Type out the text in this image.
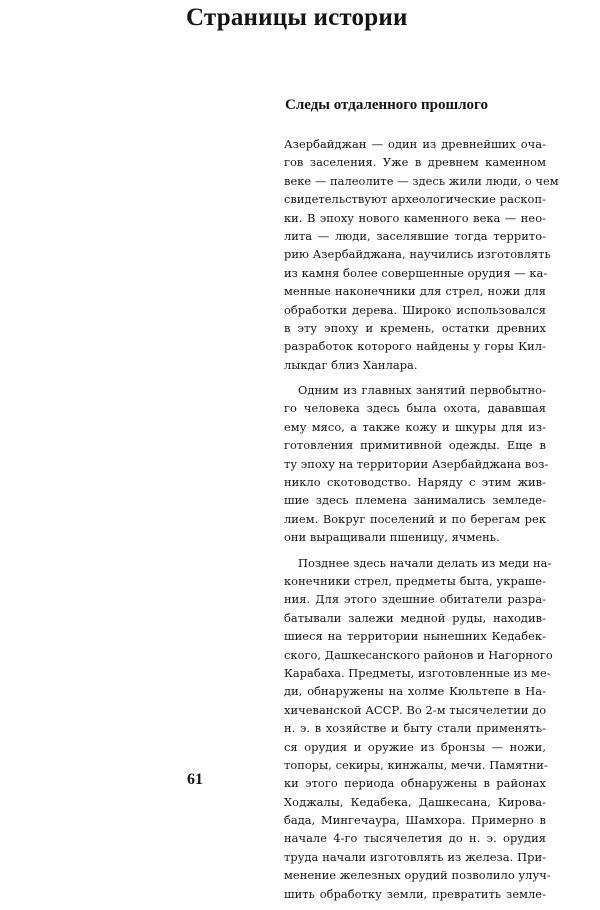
Страницы истории
Следы отдаленного прошлого

Азербайджан — один из древнейших оча-
гов заселения. Уже в древнем каменном
веке — палеолите — здесь жили люди, о чем
свидетельствуют археологические раскоп-
ки. В эпоху нового каменного века — нео-
лита — люди, заселявшие тогда террито-
рию Азербайджана, научились изготовлять
из камня более совершенные орудия — ка-
менные наконечники для стрел, ножи для
обработки дерева. Широко использовался
в эту эпоху и кремень, остатки древних
разработок которого найдены у горы Кил-
лыкдаг близ Ханлара.

Одним из главных занятий первобытно-
го человека здесь была охота, дававшая
ему мясо, а также кожу и шкуры для из-
готовления примитивной одежды. Еще в
ту эпоху на территории Азербайджана воз-
никло скотоводство. Наряду с этим жив-
шие здесь племена занимались земледе-
лием. Вокруг поселений и по берегам рек
они выращивали пшеницу, ячмень.

Позднее здесь начали делать из меди на-
конечники стрел, предметы быта, украше-
ния. Для этого здешние обитатели разра-
батывали залежи медной руды, находив-
шиеся на территории нынешних Кедабек-
ского, Дашкесанского районов и Нагорного
Карабаха. Предметы, изготовленные из ме-
ди, обнаружены на холме Кюльтепе в На-
хичеванской АССР. Во 2-м тысячелетии до
н. э. в хозяйстве и быту стали применять-
ся орудия и оружие из бронзы — ножи,
топоры, секиры, кинжалы, мечи. Памятни-
ки этого периода обнаружены в районах
Ходжалы, Кедабека, Дашкесана, Кирова-
бада, Мингечаура, Шамхора. Примерно в
начале 4-го тысячелетия до н. э. орудия
труда начали изготовлять из железа. При-
менение железных орудий позволило улуч-
шить обработку земли, превратить земле-

61
